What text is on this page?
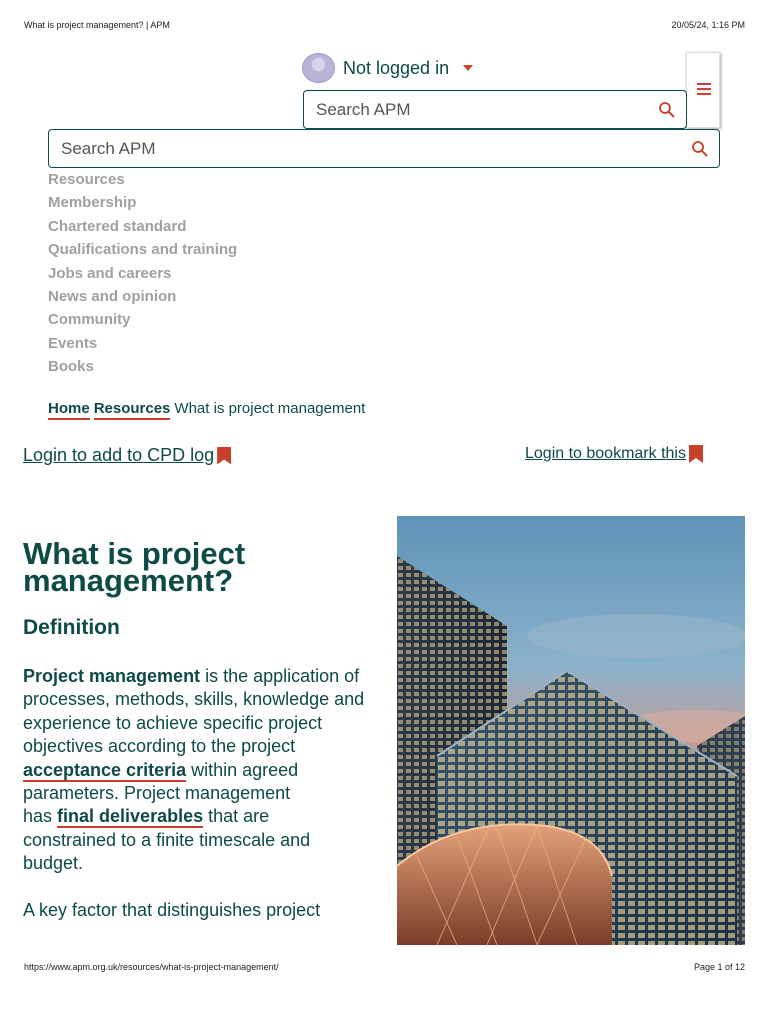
What is project management? | APM	20/05/24, 1:16 PM
Not logged in
Search APM
Search APM
Resources
Membership
Chartered standard
Qualifications and training
Jobs and careers
News and opinion
Community
Events
Books
Home Resources What is project management
Login to add to CPD log	Login to bookmark this
What is project
management?
Definition
Project management is the application of
processes, methods, skills, knowledge and
experience to achieve specific project
objectives according to the project
acceptance criteria within agreed
parameters. Project management
has final deliverables that are
constrained to a finite timescale and
budget.
A key factor that distinguishes project
https://www.apm.org.uk/resources/what-is-project-management/	Page 1 of 12
